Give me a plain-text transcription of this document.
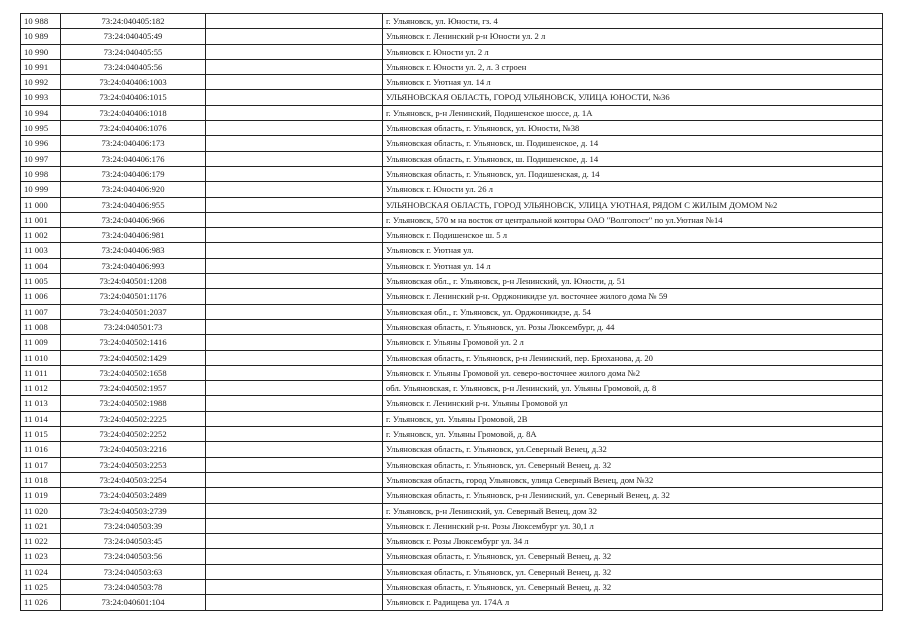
10 988	73:24:040405:182		г. Ульяновск, ул. Юности, гз. 4
10 989	73:24:040405:49		Ульяновск г. Ленинский р-н Юности ул. 2 л
10 990	73:24:040405:55		Ульяновск г. Юности ул. 2 л
10 991	73:24:040405:56		Ульяновск г. Юности ул. 2, л. 3 строен
10 992	73:24:040406:1003		Ульяновск г. Уютная ул. 14 л
10 993	73:24:040406:1015		УЛЬЯНОВСКАЯ ОБЛАСТЬ, ГОРОД УЛЬЯНОВСК, УЛИЦА ЮНОСТИ, №36
10 994	73:24:040406:1018		г. Ульяновск, р-н Ленинский, Подишенское шоссе, д. 1А
10 995	73:24:040406:1076		Ульяновская область, г. Ульяновск, ул. Юности, №38
10 996	73:24:040406:173		Ульяновская область, г. Ульяновск, ш. Подишенское, д. 14
10 997	73:24:040406:176		Ульяновская область, г. Ульяновск, ш. Подишенское, д. 14
10 998	73:24:040406:179		Ульяновская область, г. Ульяновск, ул. Подишенская, д. 14
10 999	73:24:040406:920		Ульяновск г. Юности ул. 26 л
11 000	73:24:040406:955		УЛЬЯНОВСКАЯ ОБЛАСТЬ, ГОРОД УЛЬЯНОВСК, УЛИЦА УЮТНАЯ, РЯДОМ С ЖИЛЫМ ДОМОМ №2
11 001	73:24:040406:966		г. Ульяновск, 570 м на восток от центральной конторы ОАО "Волгопост" по ул.Уютная №14
11 002	73:24:040406:981		Ульяновск г. Подишенское ш. 5 л
11 003	73:24:040406:983		Ульяновск г. Уютная ул.
11 004	73:24:040406:993		Ульяновск г. Уютная ул. 14 л
11 005	73:24:040501:1208		Ульяновская обл., г. Ульяновск, р-н Ленинский, ул. Юности, д. 51
11 006	73:24:040501:1176		Ульяновск г. Ленинский р-н. Орджоникидзе ул. восточнее жилого дома № 59
11 007	73:24:040501:2037		Ульяновская обл., г. Ульяновск, ул. Орджоникидзе, д. 54
11 008	73:24:040501:73		Ульяновская область, г. Ульяновск, ул. Розы Люксембург, д. 44
11 009	73:24:040502:1416		Ульяновск г. Ульяны Громовой ул. 2 л
11 010	73:24:040502:1429		Ульяновская область, г. Ульяновск, р-н Ленинский, пер. Брюханова, д. 20
11 011	73:24:040502:1658		Ульяновск г. Ульяны Громовой ул. северо-восточнее жилого дома №2
11 012	73:24:040502:1957		обл. Ульяновская, г. Ульяновск, р-н Ленинский, ул. Ульяны Громовой, д. 8
11 013	73:24:040502:1988		Ульяновск г. Ленинский р-н. Ульяны Громовой ул
11 014	73:24:040502:2225		г. Ульяновск, ул. Ульяны Громовой, 2В
11 015	73:24:040502:2252		г. Ульяновск, ул. Ульяны Громовой, д. 8А
11 016	73:24:040503:2216		Ульяновская область, г. Ульяновск, ул.Северный Венец, д.32
11 017	73:24:040503:2253		Ульяновская область, г. Ульяновск, ул. Северный Венец, д. 32
11 018	73:24:040503:2254		Ульяновская область, город Ульяновск, улица Северный Венец, дом №32
11 019	73:24:040503:2489		Ульяновская область, г. Ульяновск, р-н Ленинский, ул. Северный Венец, д. 32
11 020	73:24:040503:2739		г. Ульяновск, р-н Ленинский, ул. Северный Венец, дом 32
11 021	73:24:040503:39		Ульяновск г. Ленинский р-н. Розы Люксембург ул. 30,1 л
11 022	73:24:040503:45		Ульяновск г. Розы Люксембург ул. 34 л
11 023	73:24:040503:56		Ульяновская область, г. Ульяновск, ул. Северный Венец, д. 32
11 024	73:24:040503:63		Ульяновская область, г. Ульяновск, ул. Северный Венец, д. 32
11 025	73:24:040503:78		Ульяновская область, г. Ульяновск, ул. Северный Венец, д. 32
11 026	73:24:040601:104		Ульяновск г. Радищева ул. 174А л
